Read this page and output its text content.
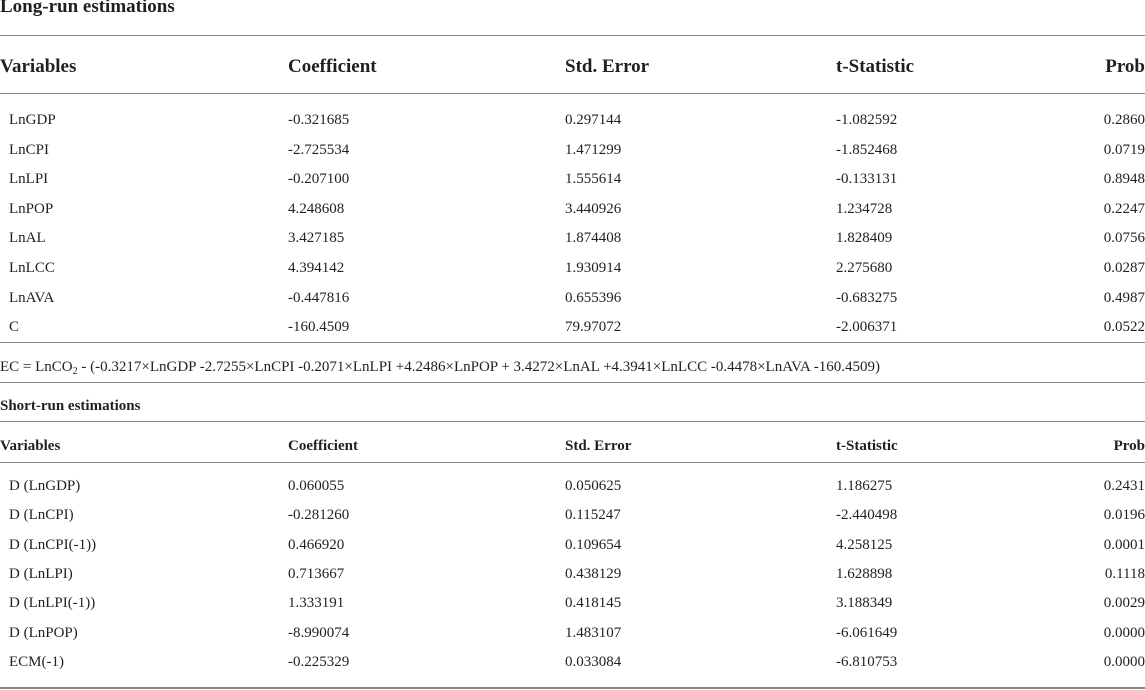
Long-run estimations
Variables	Coefficient	Std. Error	t-Statistic	Prob
LnGDP	-0.321685	0.297144	-1.082592	0.2860
LnCPI	-2.725534	1.471299	-1.852468	0.0719
LnLPI	-0.207100	1.555614	-0.133131	0.8948
LnPOP	4.248608	3.440926	1.234728	0.2247
LnAL	3.427185	1.874408	1.828409	0.0756
LnLCC	4.394142	1.930914	2.275680	0.0287
LnAVA	-0.447816	0.655396	-0.683275	0.4987
C	-160.4509	79.97072	-2.006371	0.0522
EC = LnCO$_2$ - (-0.3217×LnGDP -2.7255×LnCPI -0.2071×LnLPI +4.2486×LnPOP + 3.4272×LnAL +4.3941×LnLCC -0.4478×LnAVA -160.4509)
Short-run estimations
Variables	Coefficient	Std. Error	t-Statistic	Prob
D (LnGDP)	0.060055	0.050625	1.186275	0.2431
D (LnCPI)	-0.281260	0.115247	-2.440498	0.0196
D (LnCPI(-1))	0.466920	0.109654	4.258125	0.0001
D (LnLPI)	0.713667	0.438129	1.628898	0.1118
D (LnLPI(-1))	1.333191	0.418145	3.188349	0.0029
D (LnPOP)	-8.990074	1.483107	-6.061649	0.0000
ECM(-1)	-0.225329	0.033084	-6.810753	0.0000
